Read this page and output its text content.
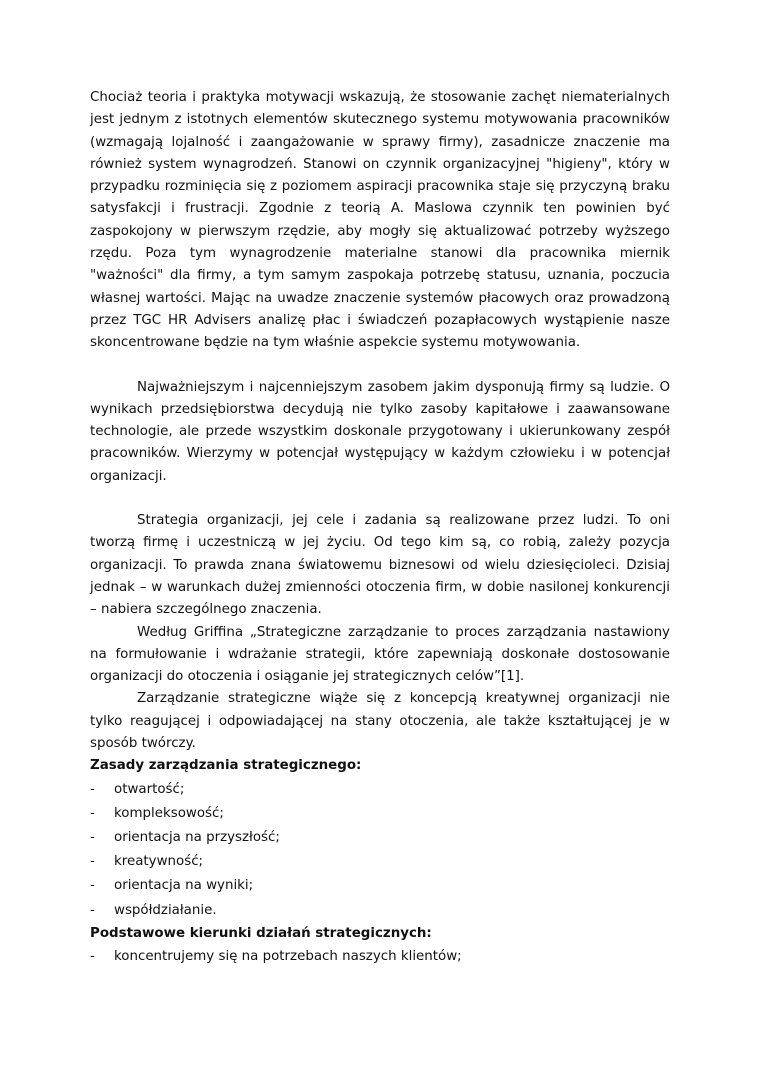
Chociaż teoria i praktyka motywacji wskazują, że stosowanie zachęt niematerialnych jest jednym z istotnych elementów skutecznego systemu motywowania pracowników (wzmagają lojalność i zaangażowanie w sprawy firmy), zasadnicze znaczenie ma również system wynagrodzeń. Stanowi on czynnik organizacyjnej "higieny", który w przypadku rozminięcia się z poziomem aspiracji pracownika staje się przyczyną braku satysfakcji i frustracji. Zgodnie z teorią A. Maslowa czynnik ten powinien być zaspokojony w pierwszym rzędzie, aby mogły się aktualizować potrzeby wyższego rzędu. Poza tym wynagrodzenie materialne stanowi dla pracownika miernik "ważności" dla firmy, a tym samym zaspokaja potrzebę statusu, uznania, poczucia własnej wartości. Mając na uwadze znaczenie systemów płacowych oraz prowadzoną przez TGC HR Advisers analizę płac i świadczeń pozapłacowych wystąpienie nasze skoncentrowane będzie na tym właśnie aspekcie systemu motywowania.

Najważniejszym i najcenniejszym zasobem jakim dysponują firmy są ludzie. O wynikach przedsiębiorstwa decydują nie tylko zasoby kapitałowe i zaawansowane technologie, ale przede wszystkim doskonale przygotowany i ukierunkowany zespół pracowników. Wierzymy w potencjał występujący w każdym człowieku i w potencjał organizacji.

Strategia organizacji, jej cele i zadania są realizowane przez ludzi. To oni tworzą firmę i uczestniczą w jej życiu. Od tego kim są, co robią, zależy pozycja organizacji. To prawda znana światowemu biznesowi od wielu dziesięcioleci. Dzisiaj jednak – w warunkach dużej zmienności otoczenia firm, w dobie nasilonej konkurencji – nabiera szczególnego znaczenia.

Według Griffina „Strategiczne zarządzanie to proces zarządzania nastawiony na formułowanie i wdrażanie strategii, które zapewniają doskonałe dostosowanie organizacji do otoczenia i osiąganie jej strategicznych celów”[1].

Zarządzanie strategiczne wiąże się z koncepcją kreatywnej organizacji nie tylko reagującej i odpowiadającej na stany otoczenia, ale także kształtującej je w sposób twórczy.

Zasady zarządzania strategicznego:

- otwartość;
- kompleksowość;
- orientacja na przyszłość;
- kreatywność;
- orientacja na wyniki;
- współdziałanie.

Podstawowe kierunki działań strategicznych:

- koncentrujemy się na potrzebach naszych klientów;
